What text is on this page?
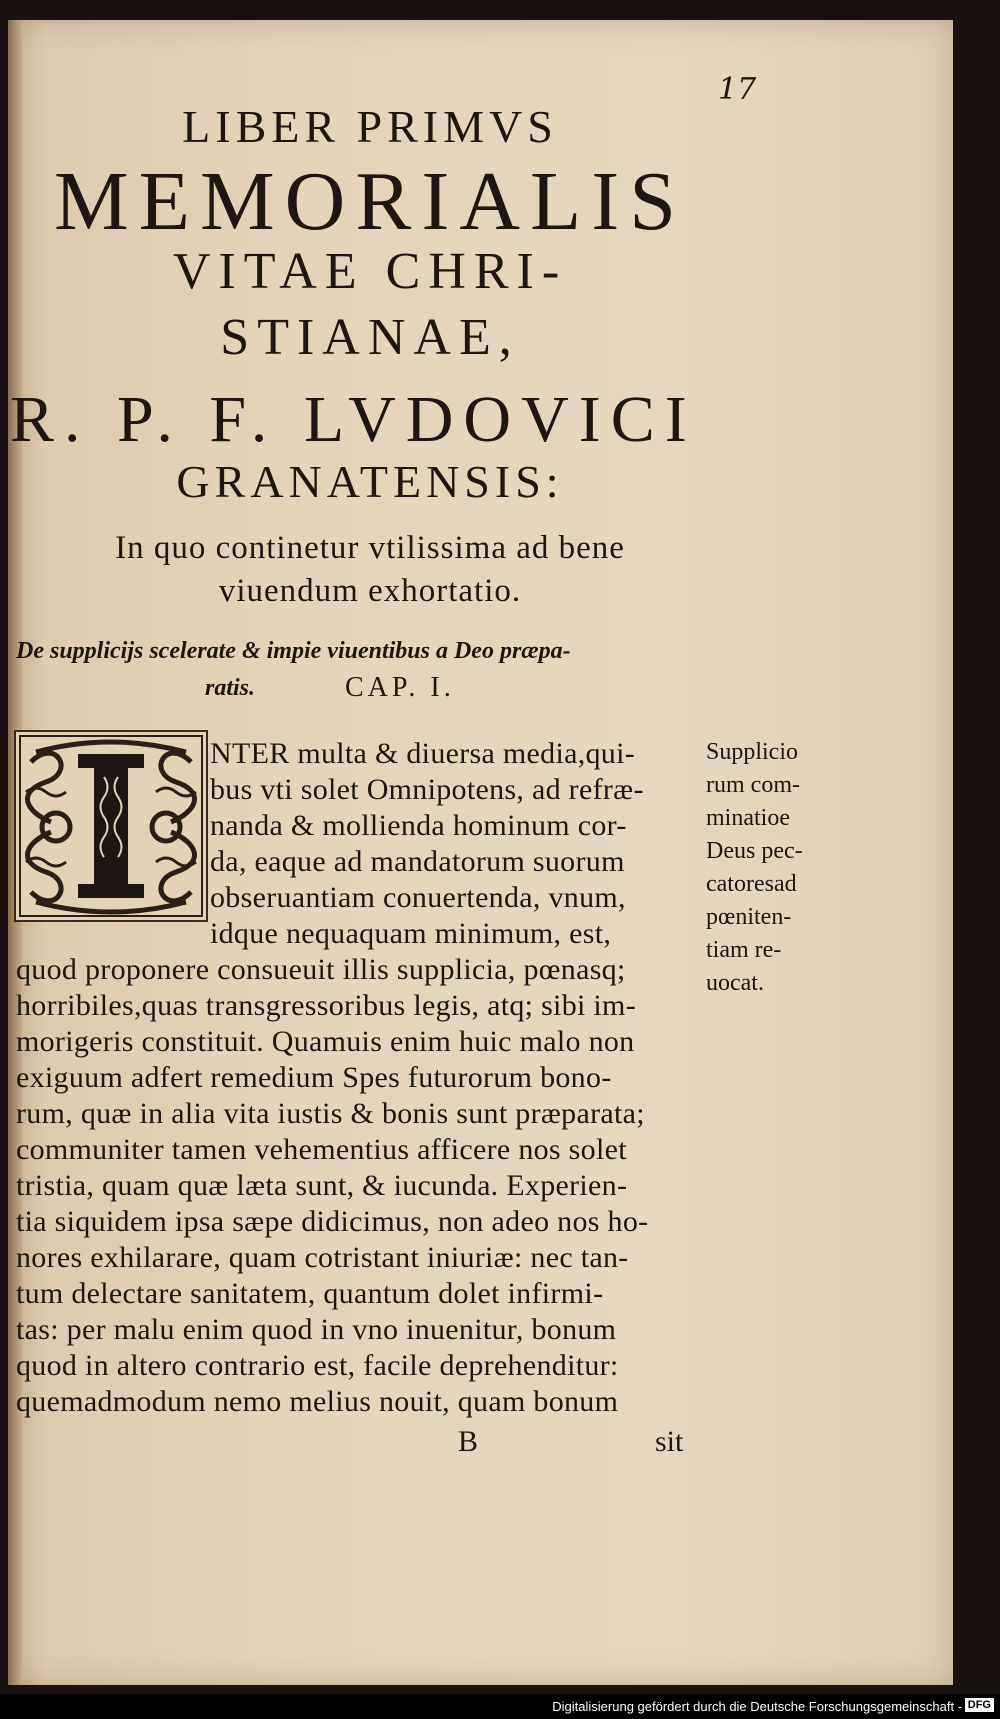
17
LIBER PRIMVS
MEMORIALIS
VITAE CHRI-
STIANAE,
R. P. F. LVDOVICI
GRANATENSIS:
In quo continetur vtilissima ad bene
viuendum exhortatio.
De supplicijs scelerate & impie viuentibus a Deo præpa-
ratis.	CAP. I.
NTER multa & diuersa media,qui-
bus vti solet Omnipotens, ad refræ-
nanda & mollienda hominum cor-
da, eaque ad mandatorum suorum
obseruantiam conuertenda, vnum,
idque nequaquam minimum, est,
quod proponere consueuit illis supplicia, pœnasq;
horribiles,quas transgressoribus legis, atq; sibi im-
morigeris constituit. Quamuis enim huic malo non
exiguum adfert remedium Spes futurorum bono-
rum, quæ in alia vita iustis & bonis sunt præparata;
communiter tamen vehementius afficere nos solet
tristia, quam quæ læta sunt, & iucunda. Experien-
tia siquidem ipsa sæpe didicimus, non adeo nos ho-
nores exhilarare, quam cotristant iniuriæ: nec tan-
tum delectare sanitatem, quantum dolet infirmi-
tas: per malu enim quod in vno inuenitur, bonum
quod in altero contrario est, facile deprehenditur:
quemadmodum nemo melius nouit, quam bonum
Supplicio
rum com-
minatioe
Deus pec-
catoresad
pœniten-
tiam re-
uocat.
B	sit
Digitalisierung gefördert durch die Deutsche Forschungsgemeinschaft - DFG
